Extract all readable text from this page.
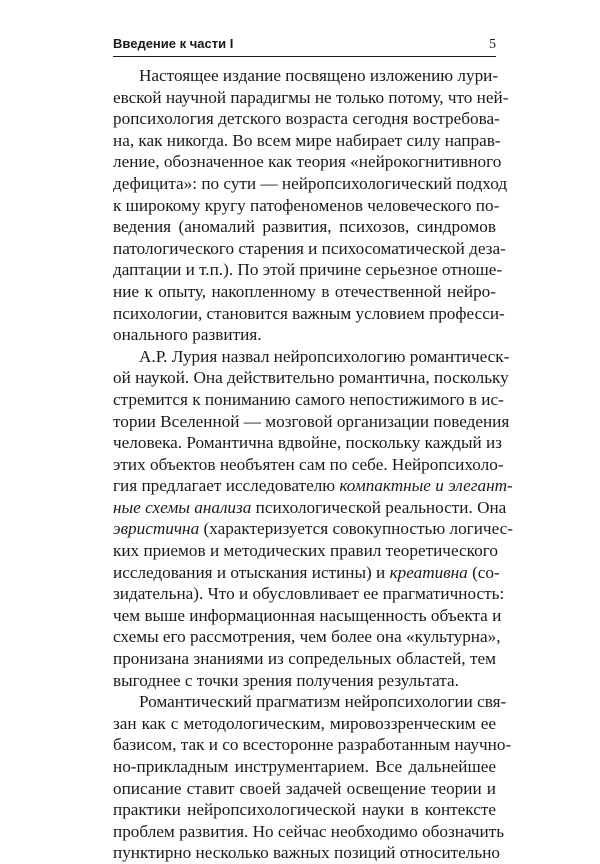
Введение к части I	5
Настоящее издание посвящено изложению лури-
евской научной парадигмы не только потому, что ней-
ропсихология детского возраста сегодня востребова-
на, как никогда. Во всем мире набирает силу направ-
ление, обозначенное как теория «нейрокогнитивного
дефицита»: по сути — нейропсихологический подход
к широкому кругу патофеноменов человеческого по-
ведения (аномалий развития, психозов, синдромов
патологического старения и психосоматической деза-
даптации и т.п.). По этой причине серьезное отноше-
ние к опыту, накопленному в отечественной нейро-
психологии, становится важным условием професси-
онального развития.
А.Р. Лурия назвал нейропсихологию романтическ-
ой наукой. Она действительно романтична, поскольку
стремится к пониманию самого непостижимого в ис-
тории Вселенной — мозговой организации поведения
человека. Романтична вдвойне, поскольку каждый из
этих объектов необъятен сам по себе. Нейропсихоло-
гия предлагает исследователю компактные и элегант-
ные схемы анализа психологической реальности. Она
эвристична (характеризуется совокупностью логичес-
ких приемов и методических правил теоретического
исследования и отыскания истины) и креативна (со-
зидательна). Что и обусловливает ее прагматичность:
чем выше информационная насыщенность объекта и
схемы его рассмотрения, чем более она «культурна»,
пронизана знаниями из сопредельных областей, тем
выгоднее с точки зрения получения результата.
Романтический прагматизм нейропсихологии свя-
зан как с методологическим, мировоззренческим ее
базисом, так и со всесторонне разработанным научно-
но-прикладным инструментарием. Все дальнейшее
описание ставит своей задачей освещение теории и
практики нейропсихологической науки в контексте
проблем развития. Но сейчас необходимо обозначить
пунктирно несколько важных позиций относительно
